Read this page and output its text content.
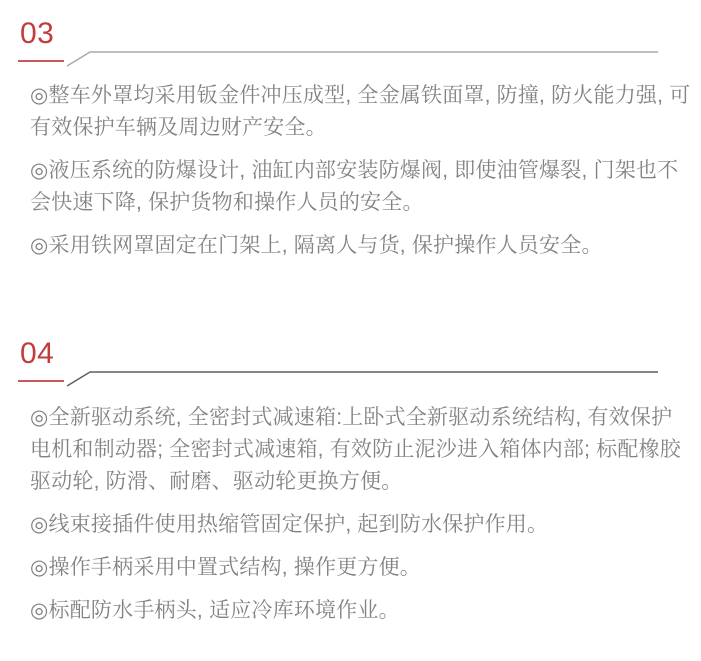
03

◎整车外罩均采用钣金件冲压成型, 全金属铁面罩, 防撞, 防火能力强, 可有效保护车辆及周边财产安全。

◎液压系统的防爆设计, 油缸内部安装防爆阀, 即使油管爆裂, 门架也不会快速下降, 保护货物和操作人员的安全。

◎采用铁网罩固定在门架上, 隔离人与货, 保护操作人员安全。

04

◎全新驱动系统, 全密封式减速箱:上卧式全新驱动系统结构, 有效保护电机和制动器; 全密封式减速箱, 有效防止泥沙进入箱体内部; 标配橡胶驱动轮, 防滑、耐磨、驱动轮更换方便。

◎线束接插件使用热缩管固定保护, 起到防水保护作用。

◎操作手柄采用中置式结构, 操作更方便。

◎标配防水手柄头, 适应冷库环境作业。
